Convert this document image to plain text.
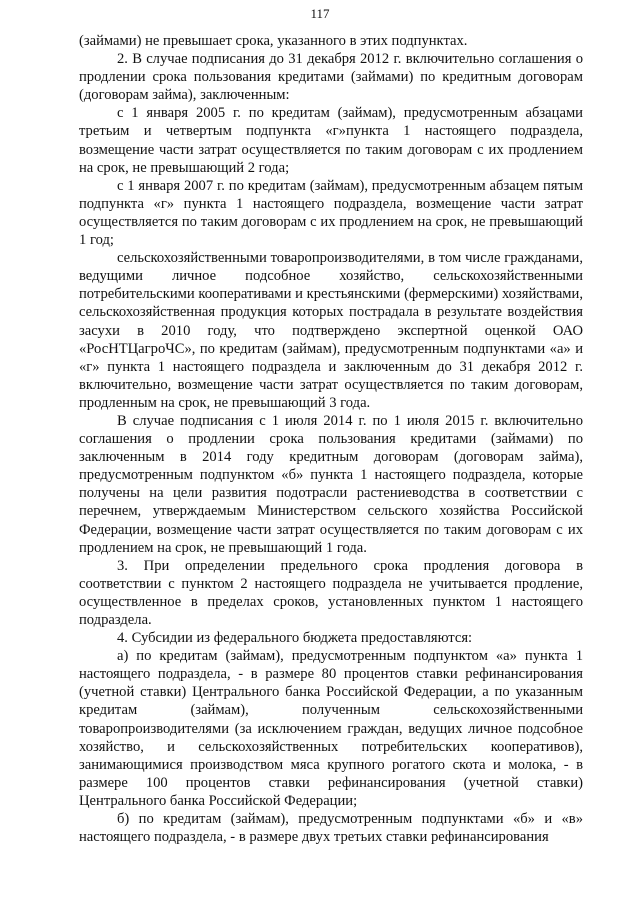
117

(займами) не превышает срока, указанного в этих подпунктах.

2. В случае подписания до 31 декабря 2012 г. включительно соглашения о продлении срока пользования кредитами (займами) по кредитным договорам (договорам займа), заключенным:

с 1 января 2005 г. по кредитам (займам), предусмотренным абзацами третьим и четвертым подпункта «г»пункта 1 настоящего подраздела, возмещение части затрат осуществляется по таким договорам с их продлением на срок, не превышающий 2 года;

с 1 января 2007 г. по кредитам (займам), предусмотренным абзацем пятым подпункта «г» пункта 1 настоящего подраздела, возмещение части затрат осуществляется по таким договорам с их продлением на срок, не превышающий 1 год;

сельскохозяйственными товаропроизводителями, в том числе гражданами, ведущими личное подсобное хозяйство, сельскохозяйственными потребительскими кооперативами и крестьянскими (фермерскими) хозяйствами, сельскохозяйственная продукция которых пострадала в результате воздействия засухи в 2010 году, что подтверждено экспертной оценкой ОАО «РосНТЦагроЧС», по кредитам (займам), предусмотренным подпунктами «а» и «г» пункта 1 настоящего подраздела и заключенным до 31 декабря 2012 г. включительно, возмещение части затрат осуществляется по таким договорам, продленным на срок, не превышающий 3 года.

В случае подписания с 1 июля 2014 г. по 1 июля 2015 г. включительно соглашения о продлении срока пользования кредитами (займами) по заключенным в 2014 году кредитным договорам (договорам займа), предусмотренным подпунктом «б» пункта 1 настоящего подраздела, которые получены на цели развития подотрасли растениеводства в соответствии с перечнем, утверждаемым Министерством сельского хозяйства Российской Федерации, возмещение части затрат осуществляется по таким договорам с их продлением на срок, не превышающий 1 года.

3. При определении предельного срока продления договора в соответствии с пунктом 2 настоящего подраздела не учитывается продление, осуществленное в пределах сроков, установленных пунктом 1 настоящего подраздела.

4. Субсидии из федерального бюджета предоставляются:

а) по кредитам (займам), предусмотренным подпунктом «а» пункта 1 настоящего подраздела, - в размере 80 процентов ставки рефинансирования (учетной ставки) Центрального банка Российской Федерации, а по указанным кредитам (займам), полученным сельскохозяйственными товаропроизводителями (за исключением граждан, ведущих личное подсобное хозяйство, и сельскохозяйственных потребительских кооперативов), занимающимися производством мяса крупного рогатого скота и молока, - в размере 100 процентов ставки рефинансирования (учетной ставки) Центрального банка Российской Федерации;

б) по кредитам (займам), предусмотренным подпунктами «б» и «в» настоящего подраздела, - в размере двух третьих ставки рефинансирования
